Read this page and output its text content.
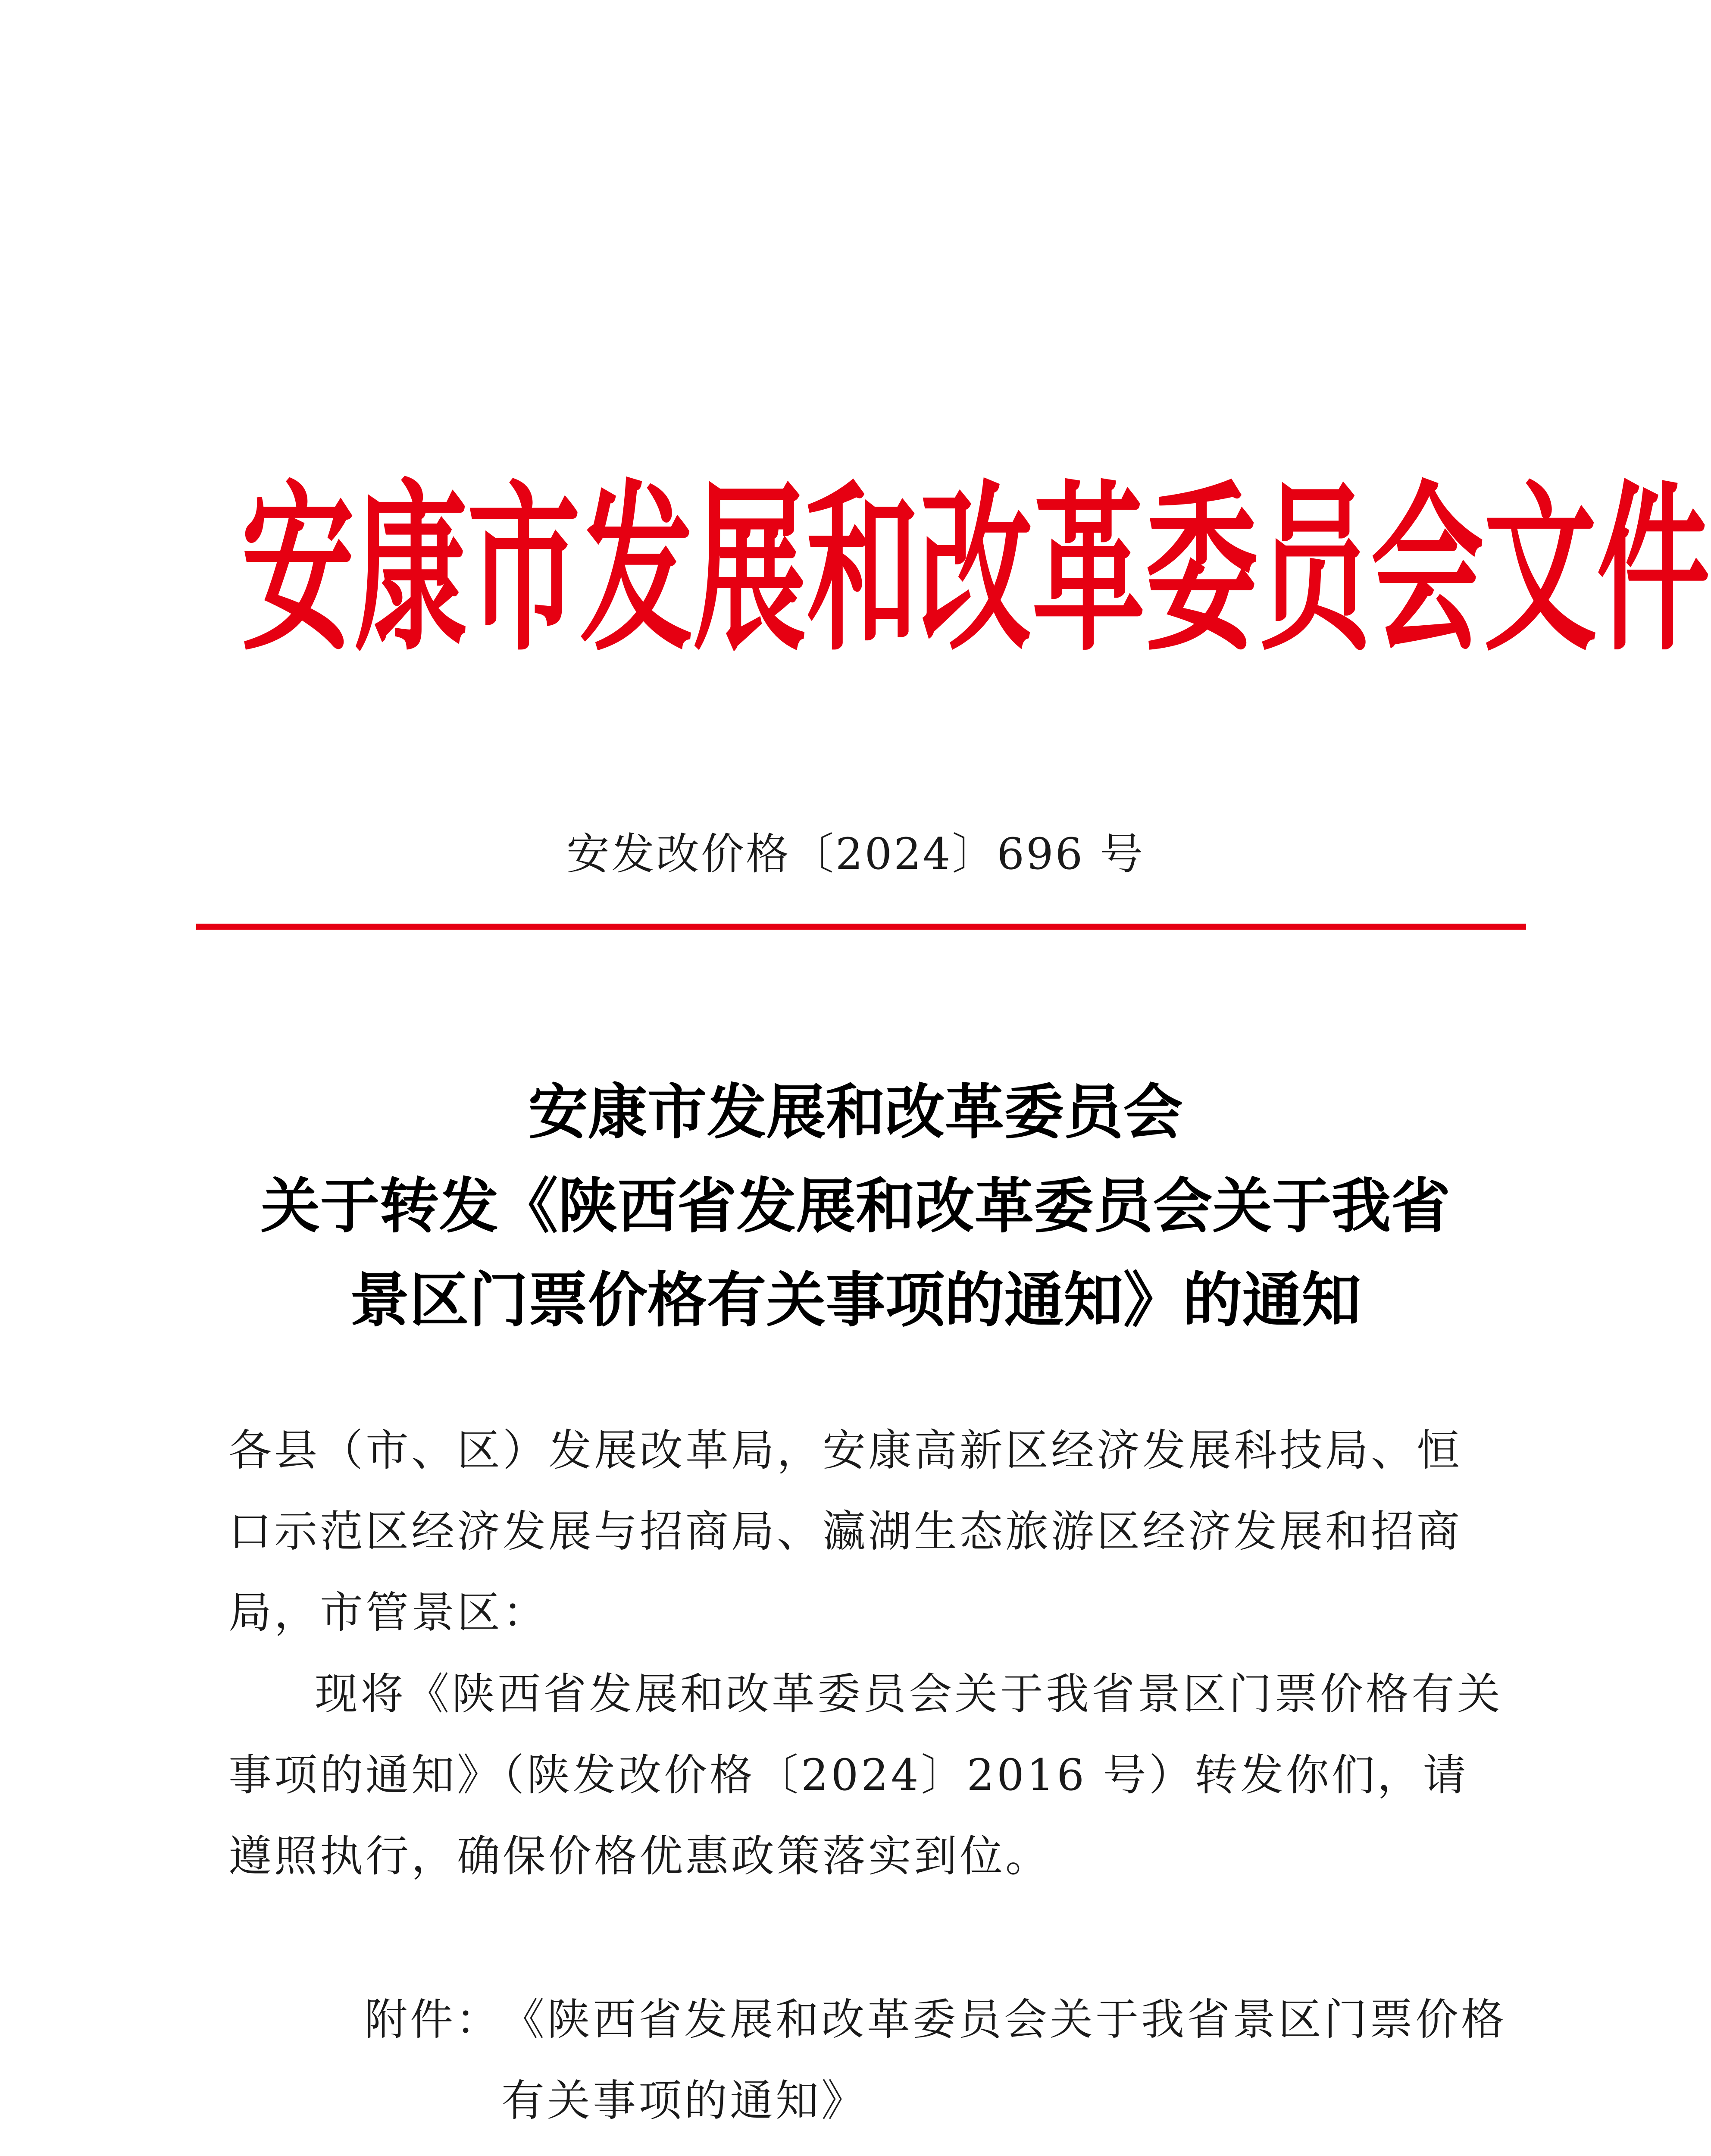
安 康 市 发 展 和 改 革 委 员 会 文 件
安发改价格〔2024〕696 号
安康市发展和改革委员会
关于转发《陕西省发展和改革委员会关于我省
景区门票价格有关事项的通知》的通知
各县（市、区）发展改革局，安康高新区经济发展科技局、恒口示范区经济发展与招商局、瀛湖生态旅游区经济发展和招商局，市管景区：
现将《陕西省发展和改革委员会关于我省景区门票价格有关事项的通知》（陕发改价格〔2024〕2016 号）转发你们，请遵照执行，确保价格优惠政策落实到位。
附件： 《陕西省发展和改革委员会关于我省景区门票价格有关事项的通知》
